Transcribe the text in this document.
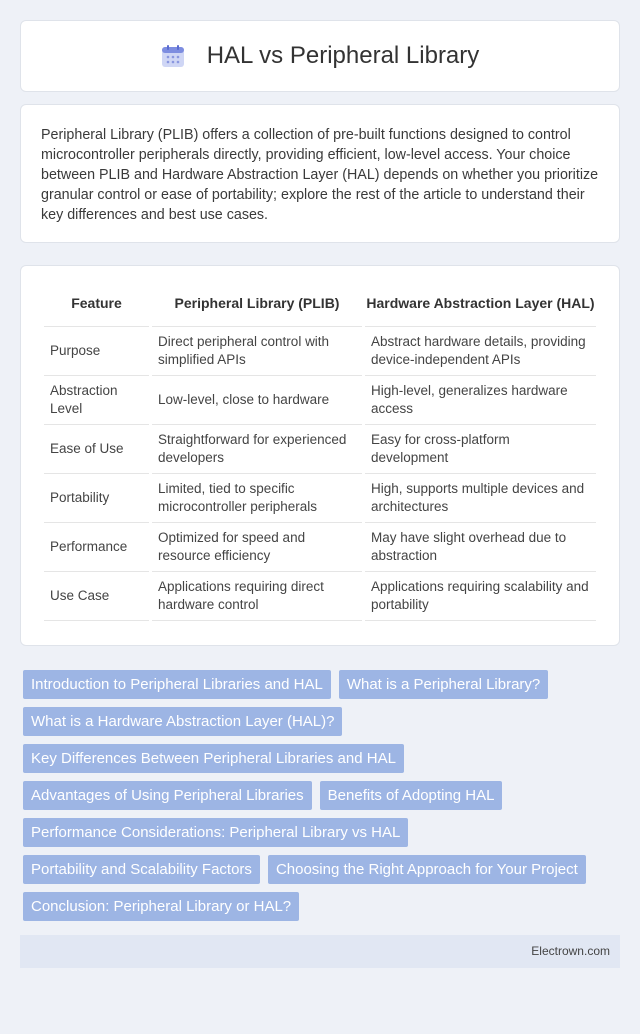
HAL vs Peripheral Library

Peripheral Library (PLIB) offers a collection of pre-built functions designed to control microcontroller peripherals directly, providing efficient, low-level access. Your choice between PLIB and Hardware Abstraction Layer (HAL) depends on whether you prioritize granular control or ease of portability; explore the rest of the article to understand their key differences and best use cases.

Feature	Peripheral Library (PLIB)	Hardware Abstraction Layer (HAL)
Purpose	Direct peripheral control with simplified APIs	Abstract hardware details, providing device-independent APIs
Abstraction Level	Low-level, close to hardware	High-level, generalizes hardware access
Ease of Use	Straightforward for experienced developers	Easy for cross-platform development
Portability	Limited, tied to specific microcontroller peripherals	High, supports multiple devices and architectures
Performance	Optimized for speed and resource efficiency	May have slight overhead due to abstraction
Use Case	Applications requiring direct hardware control	Applications requiring scalability and portability
Introduction to Peripheral Libraries and HAL	What is a Peripheral Library?
What is a Hardware Abstraction Layer (HAL)?
Key Differences Between Peripheral Libraries and HAL
Advantages of Using Peripheral Libraries	Benefits of Adopting HAL
Performance Considerations: Peripheral Library vs HAL
Portability and Scalability Factors	Choosing the Right Approach for Your Project
Conclusion: Peripheral Library or HAL?
Electrown.com
